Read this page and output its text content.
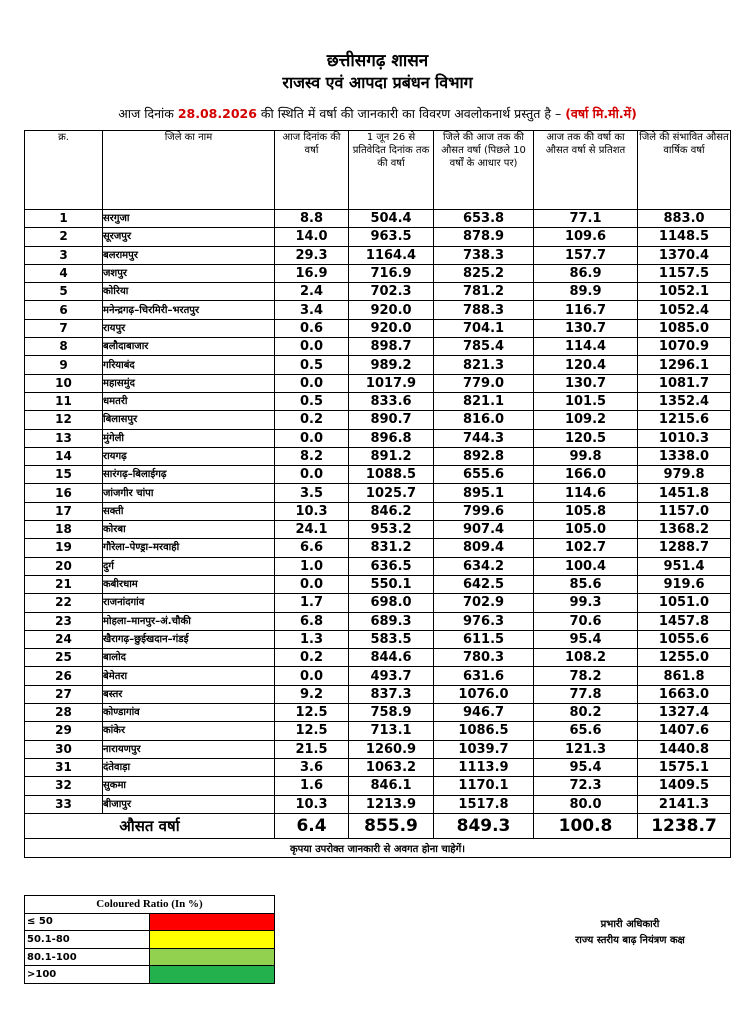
छत्तीसगढ़ शासन
राजस्व एवं आपदा प्रबंधन विभाग
आज दिनांक 28.08.2026 की स्थिति में वर्षा की जानकारी का विवरण अवलोकनार्थ प्रस्तुत है – (वर्षा मि.मी.में)
क्र.	जिले का नाम	आज दिनांक की वर्षा	1 जून 26 से प्रतिवेदित दिनांक तक की वर्षा	जिले की आज तक की औसत वर्षा (पिछले 10 वर्षों के आधार पर)	आज तक की वर्षा का औसत वर्षा से प्रतिशत	जिले की संभावित औसत वार्षिक वर्षा
1	सरगुजा	8.8	504.4	653.8	77.1	883.0
2	सूरजपुर	14.0	963.5	878.9	109.6	1148.5
3	बलरामपुर	29.3	1164.4	738.3	157.7	1370.4
4	जशपुर	16.9	716.9	825.2	86.9	1157.5
5	कोरिया	2.4	702.3	781.2	89.9	1052.1
6	मनेन्द्रगढ़–चिरमिरी–भरतपुर	3.4	920.0	788.3	116.7	1052.4
7	रायपुर	0.6	920.0	704.1	130.7	1085.0
8	बलौदाबाजार	0.0	898.7	785.4	114.4	1070.9
9	गरियाबंद	0.5	989.2	821.3	120.4	1296.1
10	महासमुंद	0.0	1017.9	779.0	130.7	1081.7
11	धमतरी	0.5	833.6	821.1	101.5	1352.4
12	बिलासपुर	0.2	890.7	816.0	109.2	1215.6
13	मुंगेली	0.0	896.8	744.3	120.5	1010.3
14	रायगढ़	8.2	891.2	892.8	99.8	1338.0
15	सारंगढ़–बिलाईगढ़	0.0	1088.5	655.6	166.0	979.8
16	जांजगीर चांपा	3.5	1025.7	895.1	114.6	1451.8
17	सक्ती	10.3	846.2	799.6	105.8	1157.0
18	कोरबा	24.1	953.2	907.4	105.0	1368.2
19	गौरेला–पेण्ड्रा–मरवाही	6.6	831.2	809.4	102.7	1288.7
20	दुर्ग	1.0	636.5	634.2	100.4	951.4
21	कबीरधाम	0.0	550.1	642.5	85.6	919.6
22	राजनांदगांव	1.7	698.0	702.9	99.3	1051.0
23	मोहला–मानपुर–अं.चौकी	6.8	689.3	976.3	70.6	1457.8
24	खैरागढ़–छुईखदान–गंडई	1.3	583.5	611.5	95.4	1055.6
25	बालोद	0.2	844.6	780.3	108.2	1255.0
26	बेमेतरा	0.0	493.7	631.6	78.2	861.8
27	बस्तर	9.2	837.3	1076.0	77.8	1663.0
28	कोण्डागांव	12.5	758.9	946.7	80.2	1327.4
29	कांकेर	12.5	713.1	1086.5	65.6	1407.6
30	नारायणपुर	21.5	1260.9	1039.7	121.3	1440.8
31	दंतेवाड़ा	3.6	1063.2	1113.9	95.4	1575.1
32	सुकमा	1.6	846.1	1170.1	72.3	1409.5
33	बीजापुर	10.3	1213.9	1517.8	80.0	2141.3
औसत वर्षा		6.4	855.9	849.3	100.8	1238.7
कृपया उपरोक्त जानकारी से अवगत होना चाहेगें।						
Coloured Ratio (In %)	
≤ 50	
50.1-80	
80.1-100	
>100	
प्रभारी अधिकारी
राज्य स्तरीय बाढ़ नियंत्रण कक्ष
